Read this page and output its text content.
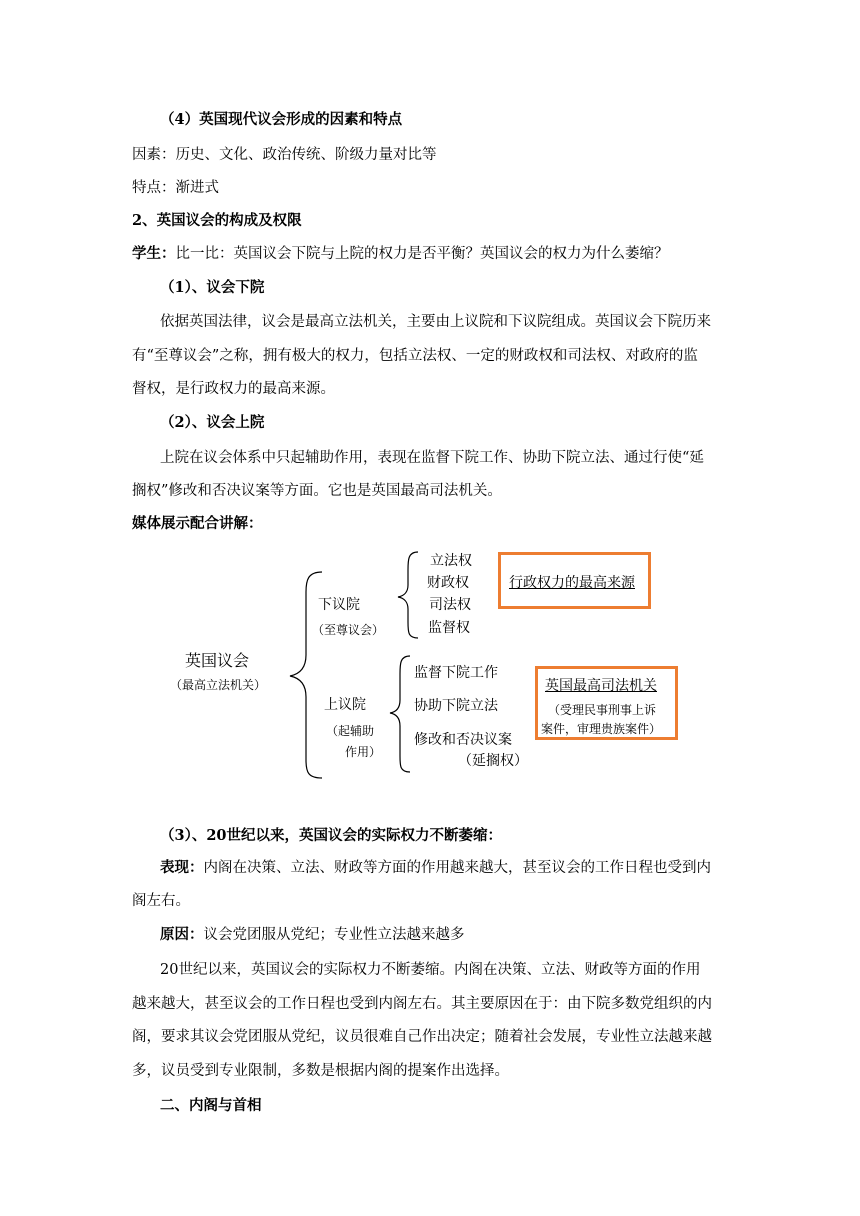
（4）英国现代议会形成的因素和特点
因素：历史、文化、政治传统、阶级力量对比等
特点：渐进式
2、英国议会的构成及权限
学生：比一比：英国议会下院与上院的权力是否平衡？英国议会的权力为什么萎缩？
（1）、议会下院
依据英国法律，议会是最高立法机关，主要由上议院和下议院组成。英国议会下院历来
有“至尊议会”之称，拥有极大的权力，包括立法权、一定的财政权和司法权、对政府的监
督权，是行政权力的最高来源。
（2）、议会上院
上院在议会体系中只起辅助作用，表现在监督下院工作、协助下院立法、通过行使“延
搁权”修改和否决议案等方面。它也是英国最高司法机关。
媒体展示配合讲解：
英国议会
（最高立法机关）
下议院
（至尊议会）
立法权
财政权
司法权
监督权
行政权力的最高来源
上议院
（起辅助
作用）
监督下院工作
协助下院立法
修改和否决议案
（延搁权）
英国最高司法机关
（受理民事刑事上诉
案件，审理贵族案件）
（3）、20世纪以来，英国议会的实际权力不断萎缩：
表现：内阁在决策、立法、财政等方面的作用越来越大，甚至议会的工作日程也受到内
阁左右。
原因：议会党团服从党纪；专业性立法越来越多
20世纪以来，英国议会的实际权力不断萎缩。内阁在决策、立法、财政等方面的作用
越来越大，甚至议会的工作日程也受到内阁左右。其主要原因在于：由下院多数党组织的内
阁，要求其议会党团服从党纪，议员很难自己作出决定；随着社会发展，专业性立法越来越
多，议员受到专业限制，多数是根据内阁的提案作出选择。
二、内阁与首相
